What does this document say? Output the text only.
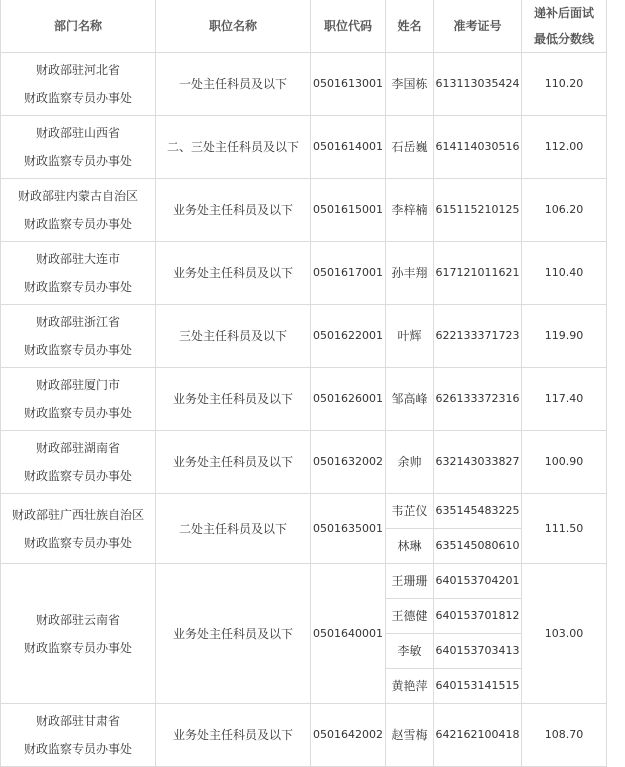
部门名称	职位名称	职位代码	姓名	准考证号	递补后面试
最低分数线

财政部驻河北省
财政监察专员办事处	一处主任科员及以下	0501613001	李国栋	613113035424	110.20

财政部驻山西省
财政监察专员办事处	二、三处主任科员及以下	0501614001	石岳巍	614114030516	112.00

财政部驻内蒙古自治区
财政监察专员办事处	业务处主任科员及以下	0501615001	李梓楠	615115210125	106.20

财政部驻大连市
财政监察专员办事处	业务处主任科员及以下	0501617001	孙丰翔	617121011621	110.40

财政部驻浙江省
财政监察专员办事处	三处主任科员及以下	0501622001	叶辉	622133371723	119.90

财政部驻厦门市
财政监察专员办事处	业务处主任科员及以下	0501626001	邹高峰	626133372316	117.40

财政部驻湖南省
财政监察专员办事处	业务处主任科员及以下	0501632002	余帅	632143033827	100.90

财政部驻广西壮族自治区
财政监察专员办事处	二处主任科员及以下	0501635001	韦芷仪	635145483225	111.50
			林琳	635145080610	

财政部驻云南省
财政监察专员办事处	业务处主任科员及以下	0501640001	王珊珊	640153704201	103.00
			王德健	640153701812	
			李敏	640153703413	
			黄艳萍	640153141515	

财政部驻甘肃省
财政监察专员办事处	业务处主任科员及以下	0501642002	赵雪梅	642162100418	108.70
